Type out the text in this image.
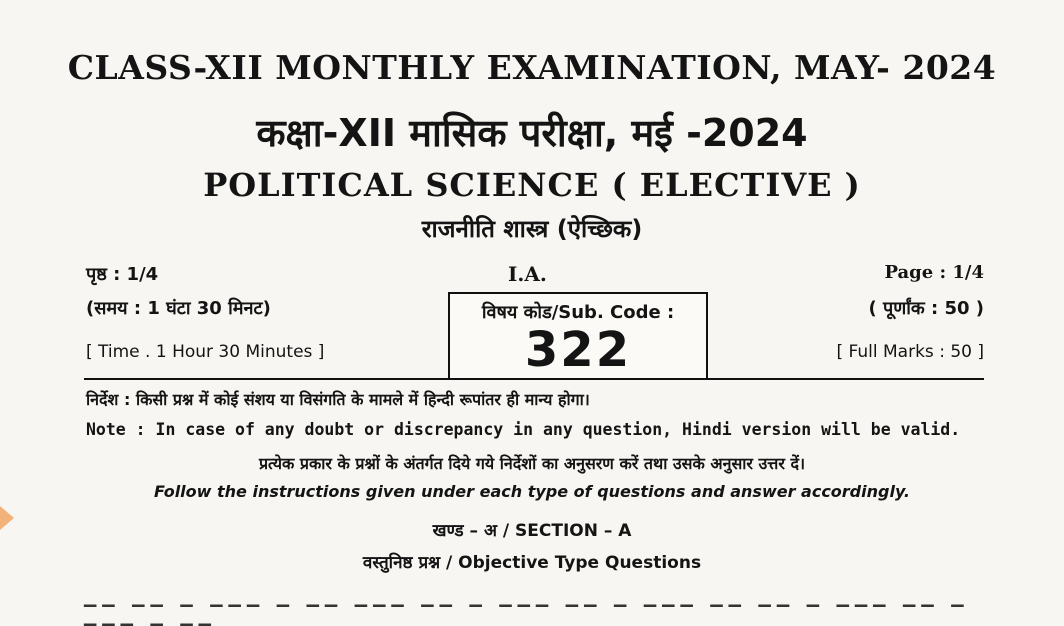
CLASS-XII MONTHLY EXAMINATION, MAY- 2024
कक्षा-XII मासिक परीक्षा, मई -2024
POLITICAL SCIENCE ( ELECTIVE )
राजनीति शास्त्र (ऐच्छिक)
पृष्ठ : 1/4	I.A.	Page : 1/4
(समय : 1 घंटा 30 मिनट)	( पूर्णांक : 50 )
[ Time . 1 Hour 30 Minutes ]	[ Full Marks : 50 ]
विषय कोड/Sub. Code :
322
निर्देश : किसी प्रश्न में कोई संशय या विसंगति के मामले में हिन्दी रूपांतर ही मान्य होगा।
Note : In case of any doubt or discrepancy in any question, Hindi version will be valid.
प्रत्येक प्रकार के प्रश्नों के अंतर्गत दिये गये निर्देशों का अनुसरण करें तथा उसके अनुसार उत्तर दें।
Follow the instructions given under each type of questions and answer accordingly.
खण्ड – अ / SECTION – A
वस्तुनिष्ठ प्रश्न / Objective Type Questions
▁▁ ▁▁ ▁ ▁▁▁ ▁ ▁▁ ▁▁▁ ▁▁ ▁ ▁▁▁ ▁▁ ▁ ▁▁▁ ▁▁ ▁▁ ▁ ▁▁▁ ▁▁ ▁ ▁▁▁ ▁ ▁▁
